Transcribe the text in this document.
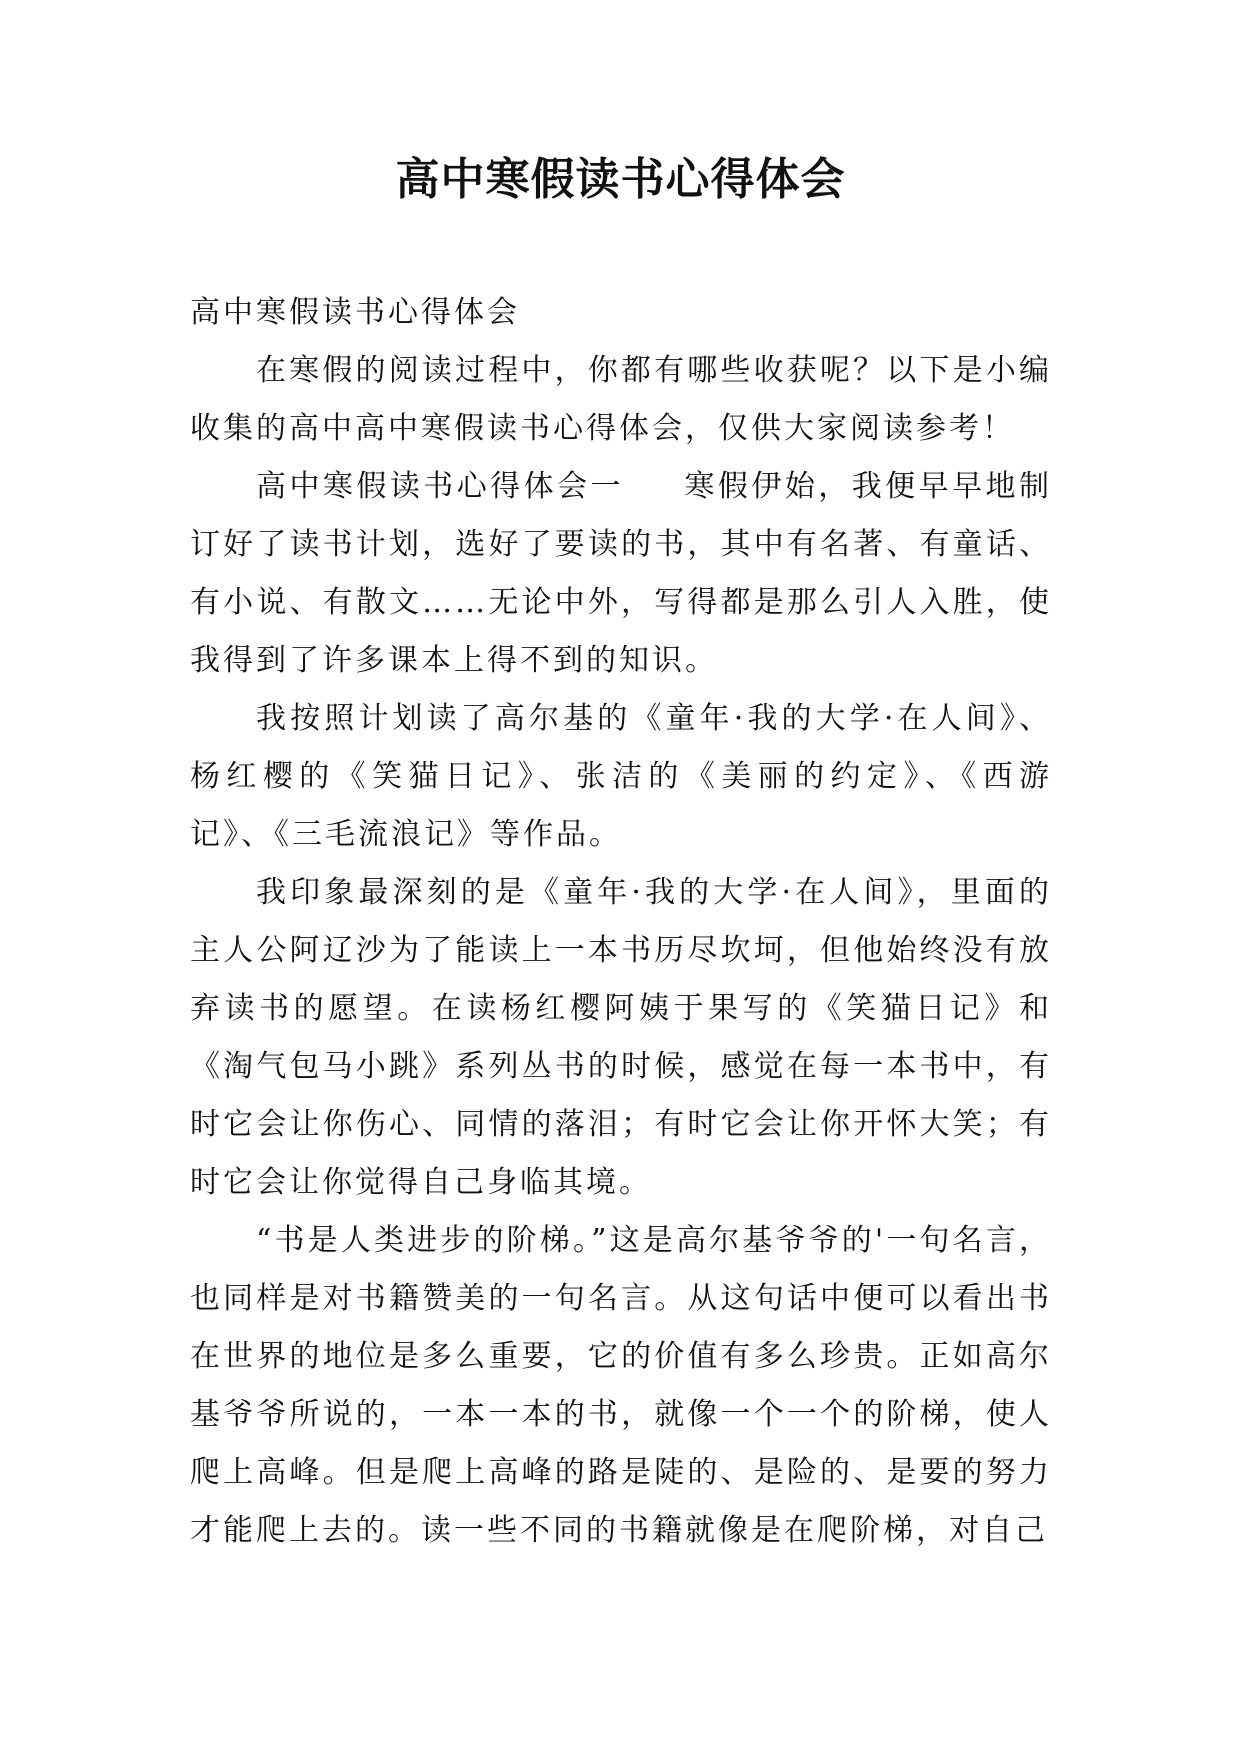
高中寒假读书心得体会

高中寒假读书心得体会

在寒假的阅读过程中，你都有哪些收获呢？以下是小编收集的高中高中寒假读书心得体会，仅供大家阅读参考！

高中寒假读书心得体会一 寒假伊始，我便早早地制订好了读书计划，选好了要读的书，其中有名著、有童话、有小说、有散文……无论中外，写得都是那么引人入胜，使我得到了许多课本上得不到的知识。

我按照计划读了高尔基的《童年·我的大学·在人间》、杨红樱的《笑猫日记》、张洁的《美丽的约定》、《西游记》、《三毛流浪记》等作品。

我印象最深刻的是《童年·我的大学·在人间》，里面的主人公阿辽沙为了能读上一本书历尽坎坷，但他始终没有放弃读书的愿望。在读杨红樱阿姨于果写的《笑猫日记》和《淘气包马小跳》系列丛书的时候，感觉在每一本书中，有时它会让你伤心、同情的落泪；有时它会让你开怀大笑；有时它会让你觉得自己身临其境。

“书是人类进步的阶梯。”这是高尔基爷爷的'一句名言，也同样是对书籍赞美的一句名言。从这句话中便可以看出书在世界的地位是多么重要，它的价值有多么珍贵。正如高尔基爷爷所说的，一本一本的书，就像一个一个的阶梯，使人爬上高峰。但是爬上高峰的路是陡的、是险的、是要的努力才能爬上去的。读一些不同的书籍就像是在爬阶梯，对自己
